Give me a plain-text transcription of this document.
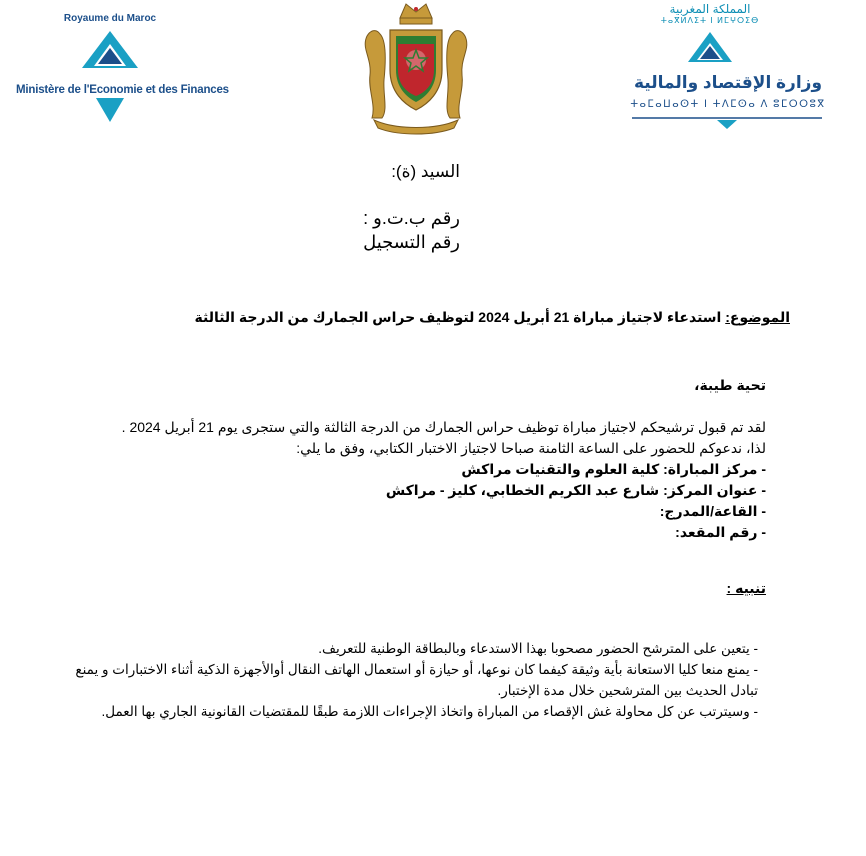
Royaume du Maroc
Ministère de l'Economie et des Finances
المملكة المغربية
ⵜⴰⴳⵍⴷⵉⵜ ⵏ ⵍⵎⵖⵔⵉⴱ
وزارة الإقتصاد والمالية
ⵜⴰⵎⴰⵡⴰⵙⵜ ⵏ ⵜⴷⵎⵙⴰ ⴷ ⵓⵎⵔⵔⵓⴳ
السيد (ة):
رقم ب.ت.و :
رقم التسجيل
الموضوع: استدعاء لاجتياز مباراة 21 أبريل 2024 لتوظيف حراس الجمارك من الدرجة الثالثة
تحية طيبة،
لقد تم قبول ترشيحكم لاجتياز مباراة توظيف حراس الجمارك من الدرجة الثالثة والتي ستجرى يوم 21 أبريل 2024 .
لذا، ندعوكم للحضور على الساعة الثامنة صباحا لاجتياز الاختبار الكتابي، وفق ما يلي:
- مركز المباراة: كلية العلوم والتقنيات مراكش
- عنوان المركز: شارع عبد الكريم الخطابي، كليز - مراكش
- القاعة/المدرج:
- رقم المقعد:
تنبيه :
- يتعين على المترشح الحضور مصحوبا بهذا الاستدعاء وبالبطاقة الوطنية للتعريف.
- يمنع منعا كليا الاستعانة بأية وثيقة كيفما كان نوعها، أو حيازة أو استعمال الهاتف النقال أوالأجهزة الذكية أثناء الاختبارات و يمنع تبادل الحديث بين المترشحين خلال مدة الإختبار.
- وسيترتب عن كل محاولة غش الإقصاء من المباراة واتخاذ الإجراءات اللازمة طبقًا للمقتضيات القانونية الجاري بها العمل.
